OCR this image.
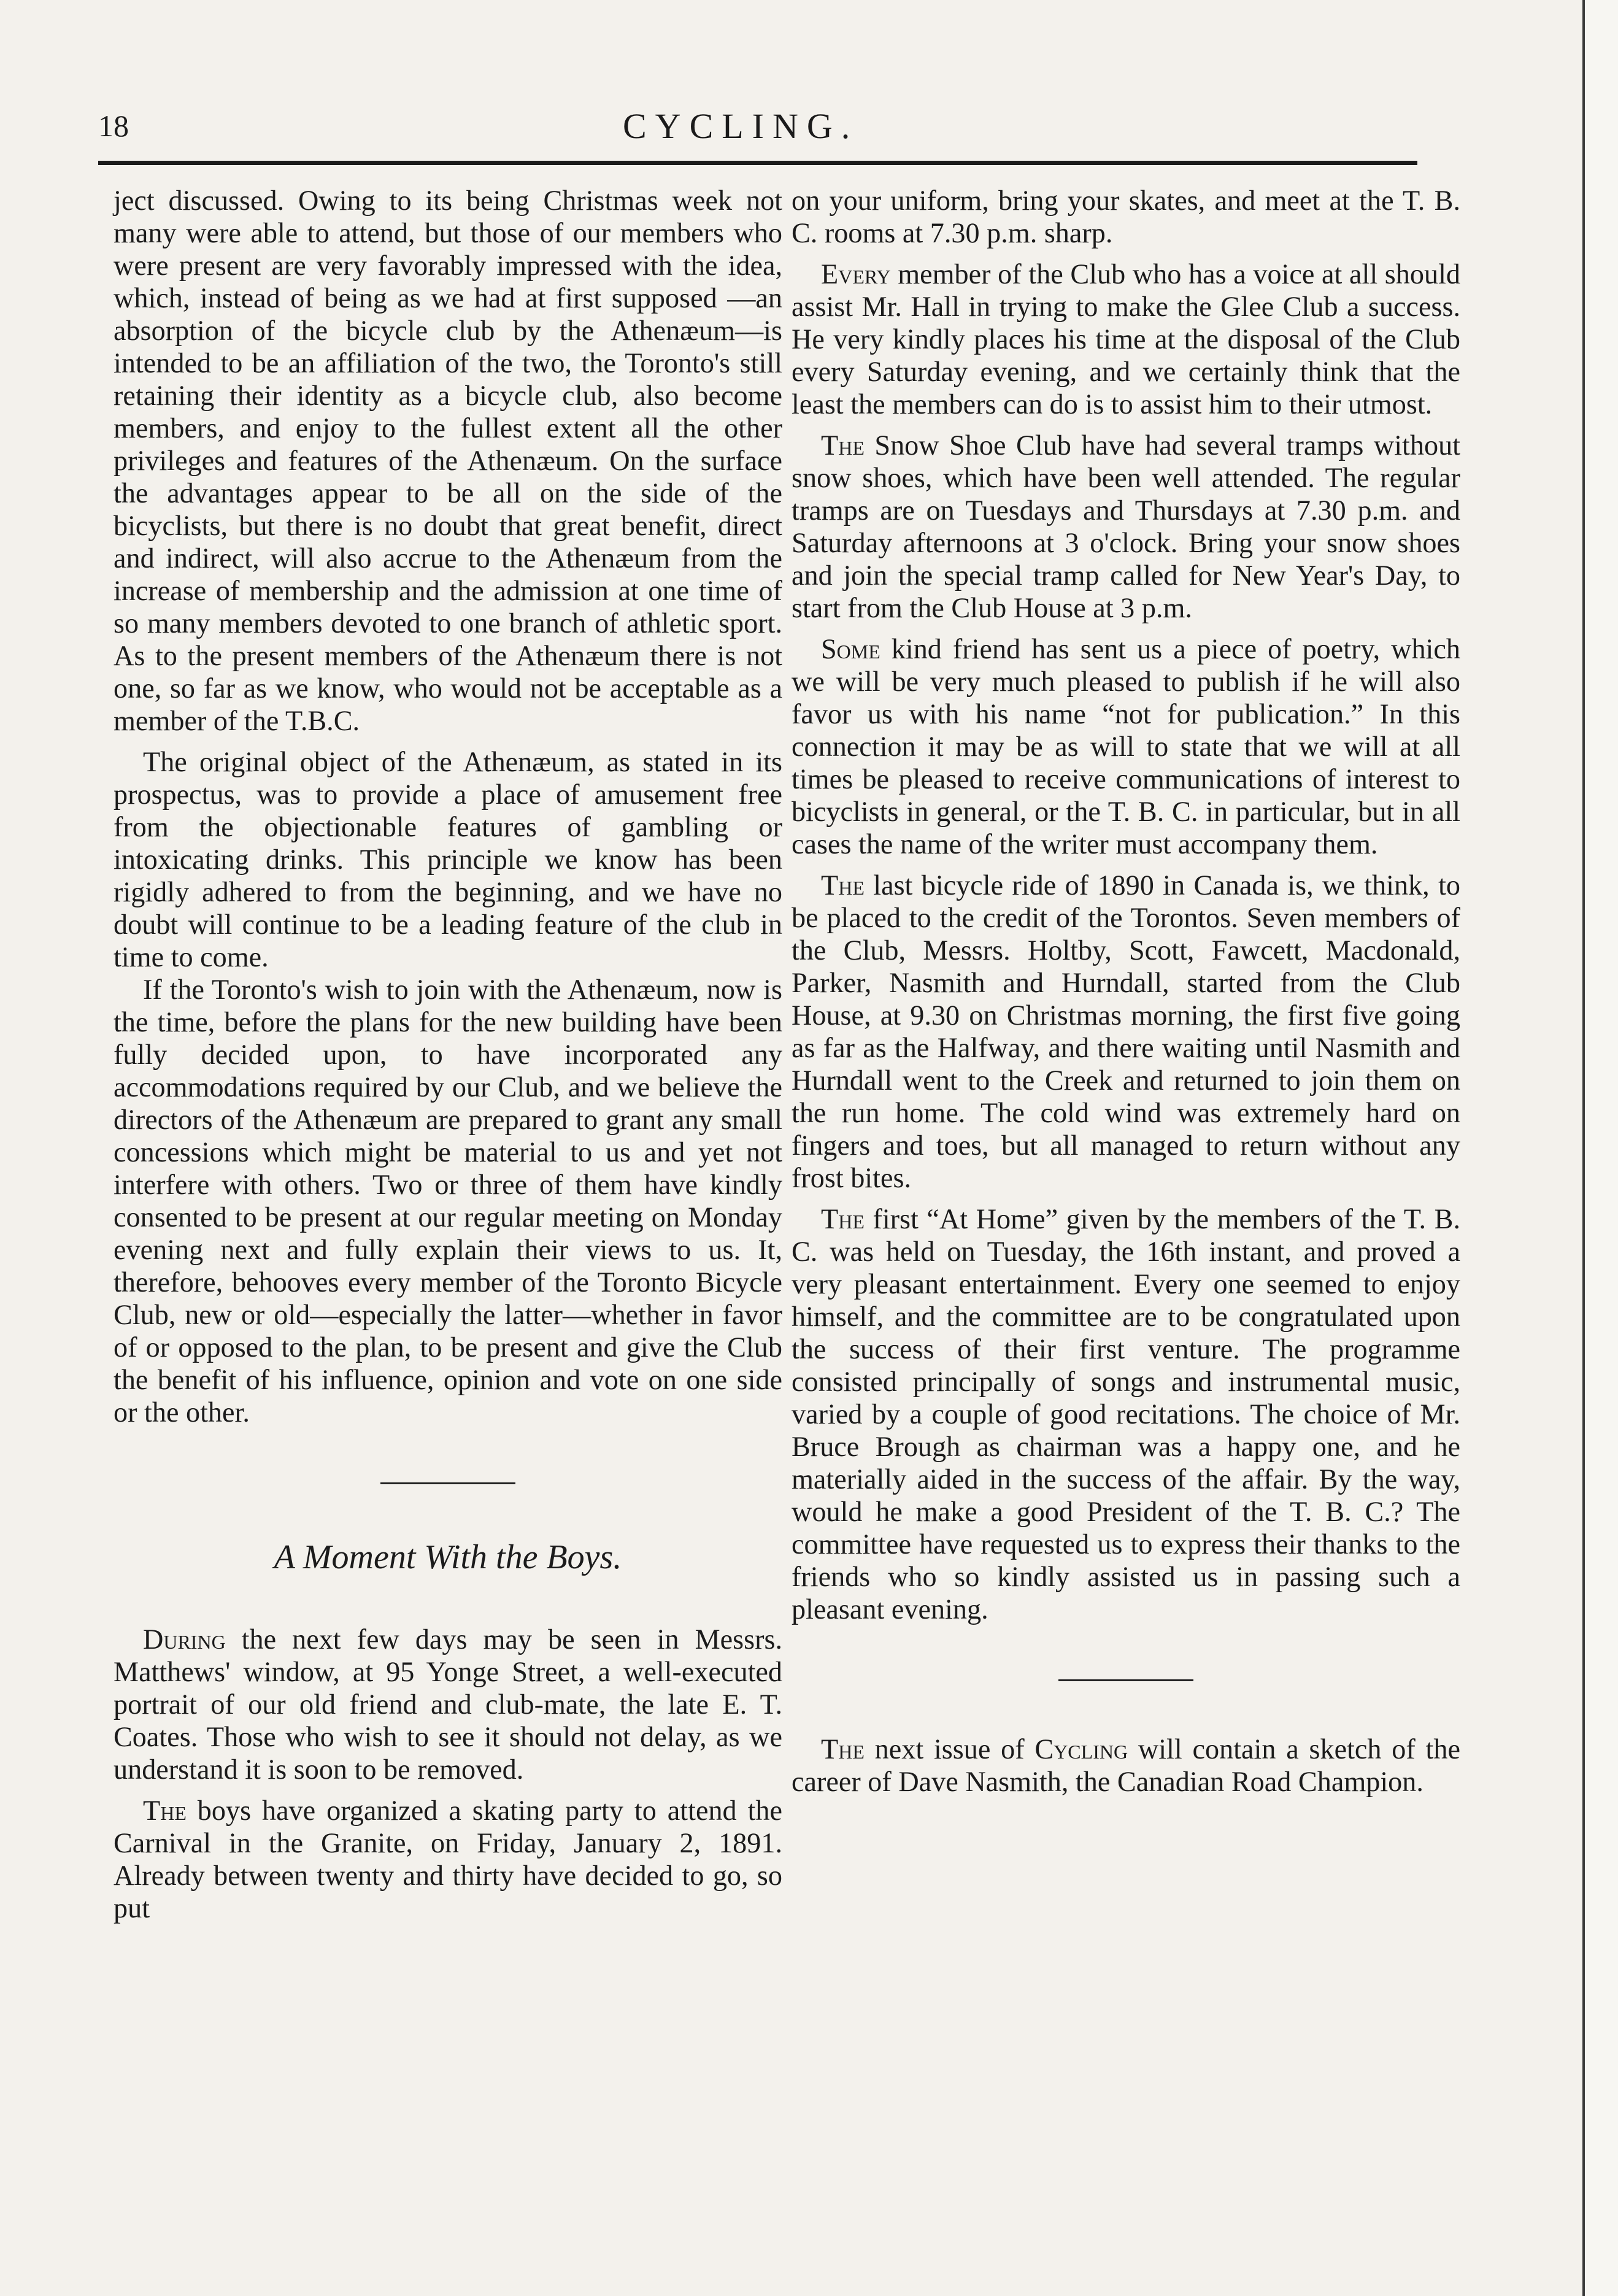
18	CYCLING.

ject discussed. Owing to its being Christmas week not many were able to attend, but those of our members who were present are very favorably impressed with the idea, which, instead of being as we had at first supposed —an absorption of the bicycle club by the Athenæum—is intended to be an affiliation of the two, the Toronto's still retaining their identity as a bicycle club, also become members, and enjoy to the fullest extent all the other privileges and features of the Athenæum. On the surface the advantages appear to be all on the side of the bicyclists, but there is no doubt that great benefit, direct and indirect, will also accrue to the Athenæum from the increase of membership and the admission at one time of so many members devoted to one branch of athletic sport. As to the present members of the Athenæum there is not one, so far as we know, who would not be acceptable as a member of the T.B.C.

The original object of the Athenæum, as stated in its prospectus, was to provide a place of amusement free from the objectionable features of gambling or intoxicating drinks. This principle we know has been rigidly adhered to from the beginning, and we have no doubt will continue to be a leading feature of the club in time to come.

If the Toronto's wish to join with the Athenæum, now is the time, before the plans for the new building have been fully decided upon, to have incorporated any accommodations required by our Club, and we believe the directors of the Athenæum are prepared to grant any small concessions which might be material to us and yet not interfere with others. Two or three of them have kindly consented to be present at our regular meeting on Monday evening next and fully explain their views to us. It, therefore, behooves every member of the Toronto Bicycle Club, new or old—especially the latter—whether in favor of or opposed to the plan, to be present and give the Club the benefit of his influence, opinion and vote on one side or the other.

A Moment With the Boys.

During the next few days may be seen in Messrs. Matthews' window, at 95 Yonge Street, a well-executed portrait of our old friend and club-mate, the late E. T. Coates. Those who wish to see it should not delay, as we understand it is soon to be removed.

The boys have organized a skating party to attend the Carnival in the Granite, on Friday, January 2, 1891. Already between twenty and thirty have decided to go, so put

on your uniform, bring your skates, and meet at the T. B. C. rooms at 7.30 p.m. sharp.

Every member of the Club who has a voice at all should assist Mr. Hall in trying to make the Glee Club a success. He very kindly places his time at the disposal of the Club every Saturday evening, and we certainly think that the least the members can do is to assist him to their utmost.

The Snow Shoe Club have had several tramps without snow shoes, which have been well attended. The regular tramps are on Tuesdays and Thursdays at 7.30 p.m. and Saturday afternoons at 3 o'clock. Bring your snow shoes and join the special tramp called for New Year's Day, to start from the Club House at 3 p.m.

Some kind friend has sent us a piece of poetry, which we will be very much pleased to publish if he will also favor us with his name “not for publication.” In this connection it may be as will to state that we will at all times be pleased to receive communications of interest to bicyclists in general, or the T. B. C. in particular, but in all cases the name of the writer must accompany them.

The last bicycle ride of 1890 in Canada is, we think, to be placed to the credit of the Torontos. Seven members of the Club, Messrs. Holtby, Scott, Fawcett, Macdonald, Parker, Nasmith and Hurndall, started from the Club House, at 9.30 on Christmas morning, the first five going as far as the Halfway, and there waiting until Nasmith and Hurndall went to the Creek and returned to join them on the run home. The cold wind was extremely hard on fingers and toes, but all managed to return without any frost bites.

The first “At Home” given by the members of the T. B. C. was held on Tuesday, the 16th instant, and proved a very pleasant entertainment. Every one seemed to enjoy himself, and the committee are to be congratulated upon the success of their first venture. The programme consisted principally of songs and instrumental music, varied by a couple of good recitations. The choice of Mr. Bruce Brough as chairman was a happy one, and he materially aided in the success of the affair. By the way, would he make a good President of the T. B. C.? The committee have requested us to express their thanks to the friends who so kindly assisted us in passing such a pleasant evening.

The next issue of Cycling will contain a sketch of the career of Dave Nasmith, the Canadian Road Champion.
